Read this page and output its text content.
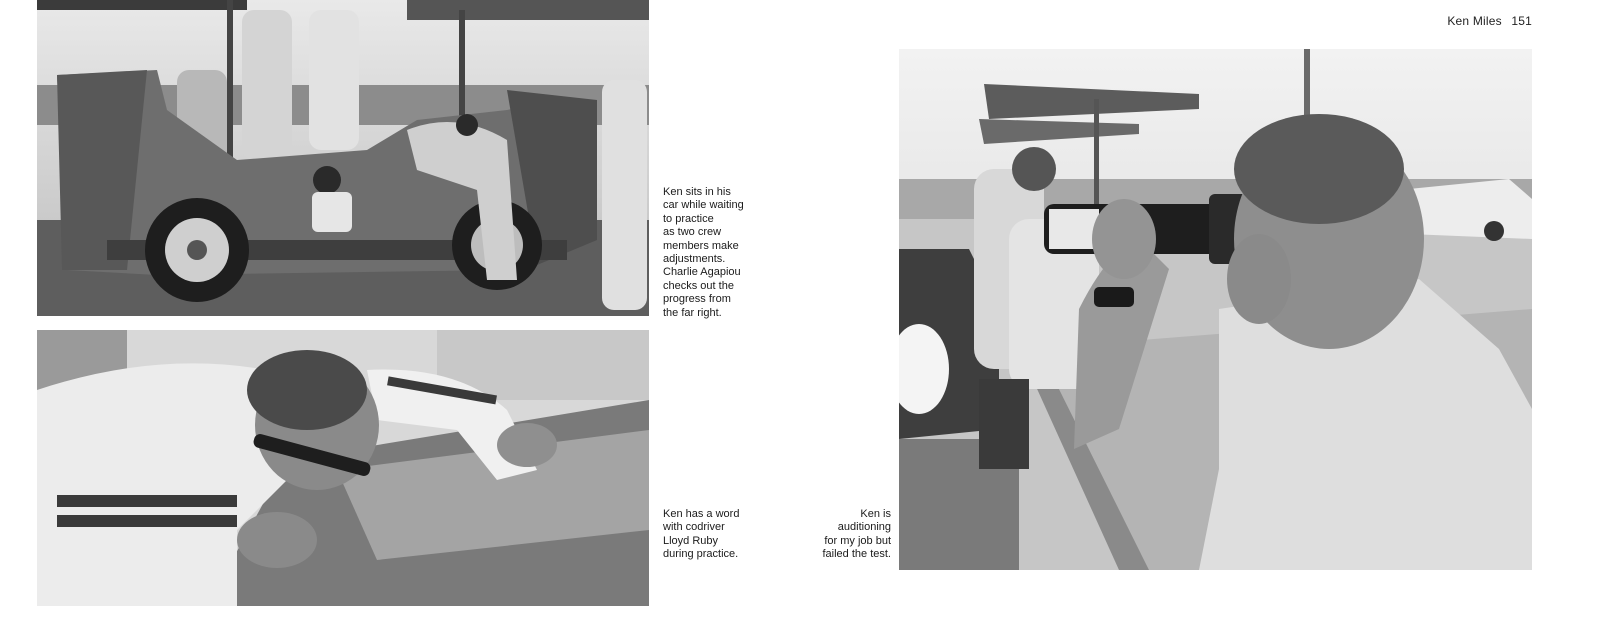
Ken Miles 151
Ken sits in his
car while waiting
to practice
as two crew
members make
adjustments.
Charlie Agapiou
checks out the
progress from
the far right.
Ken has a word
with codriver
Lloyd Ruby
during practice.
Ken is
auditioning
for my job but
failed the test.
